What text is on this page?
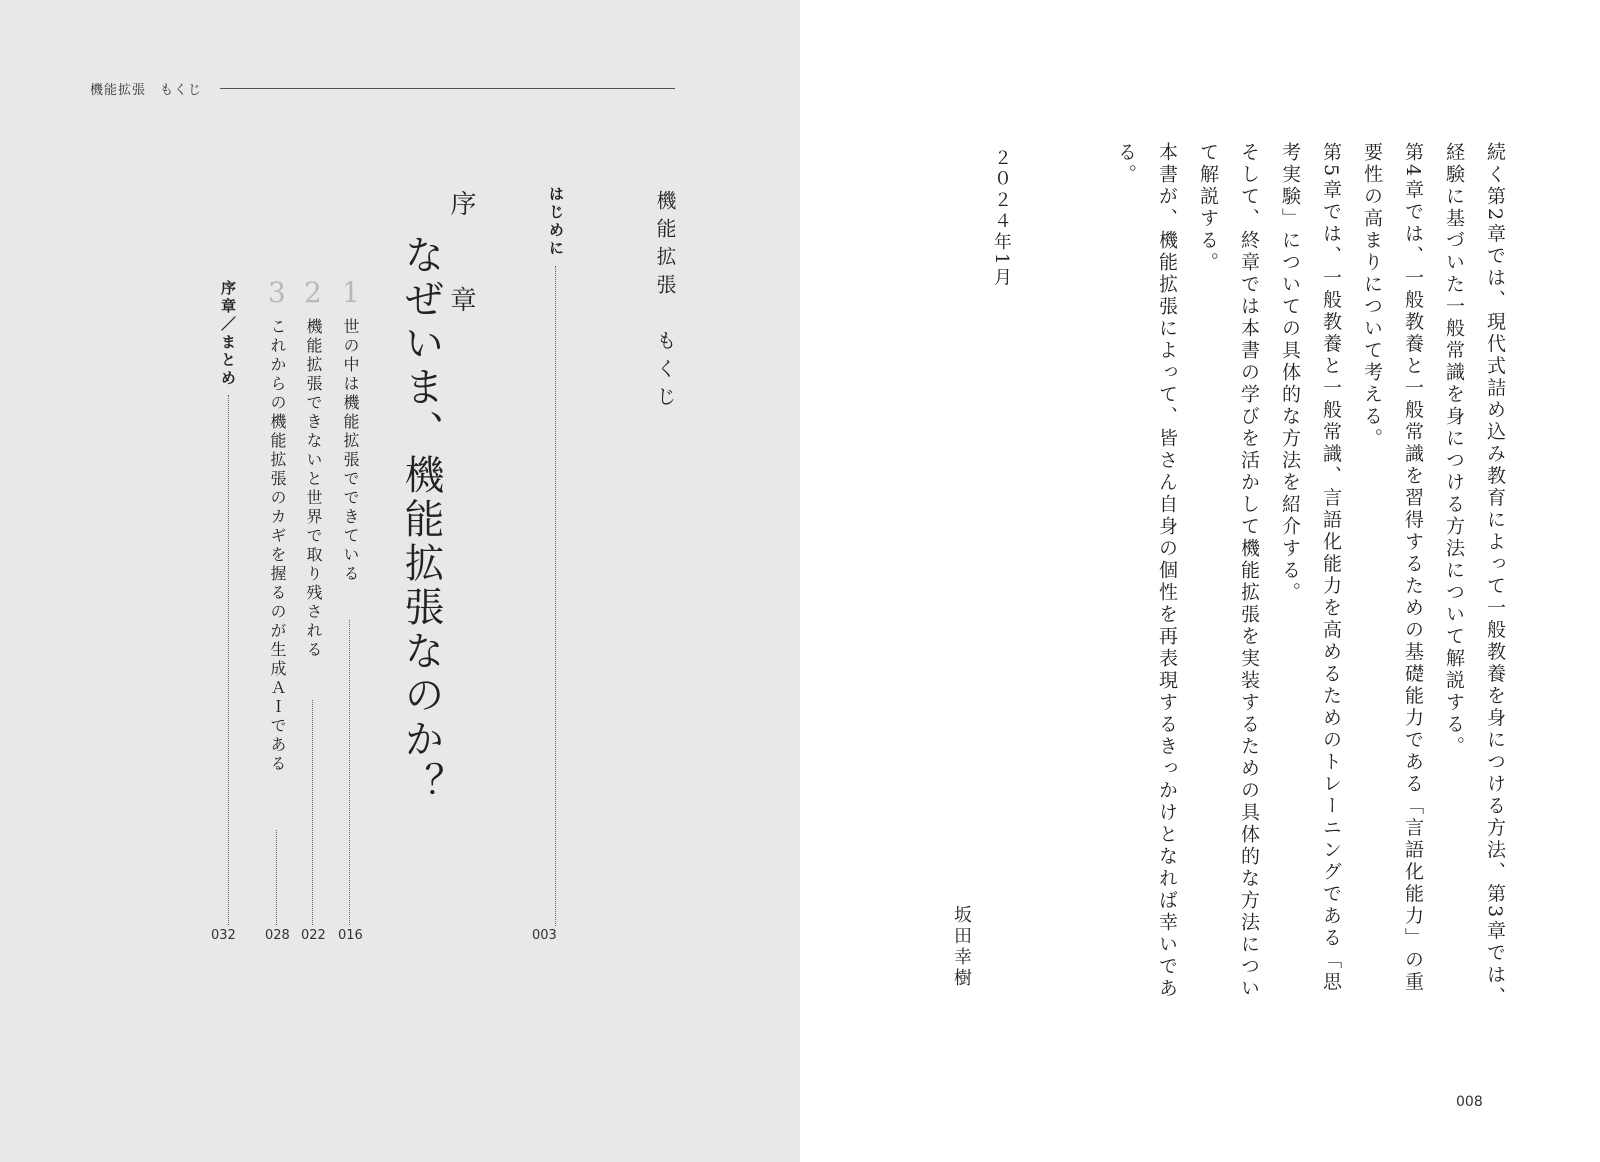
機能拡張　もくじ
機能拡張　もくじ
はじめに
003
序　章
なぜいま、機能拡張なのか？
1
世の中は機能拡張でできている
016
2
機能拡張できないと世界で取り残される
022
3
これからの機能拡張のカギを握るのが生成ＡＩである
028
序章／まとめ
032	続く第2章では、現代式詰め込み教育によって一般教養を身につける方法、第3章では、経験に基づいた一般常識を身につける方法について解説する。

第4章では、一般教養と一般常識を習得するための基礎能力である「言語化能力」の重要性の高まりについて考える。

第5章では、一般教養と一般常識、言語化能力を高めるためのトレーニングである「思考実験」についての具体的な方法を紹介する。

そして、終章では本書の学びを活かして機能拡張を実装するための具体的な方法について解説する。

本書が、機能拡張によって、皆さん自身の個性を再表現するきっかけとなれば幸いである。

２０２４年1月
坂田幸樹
008
